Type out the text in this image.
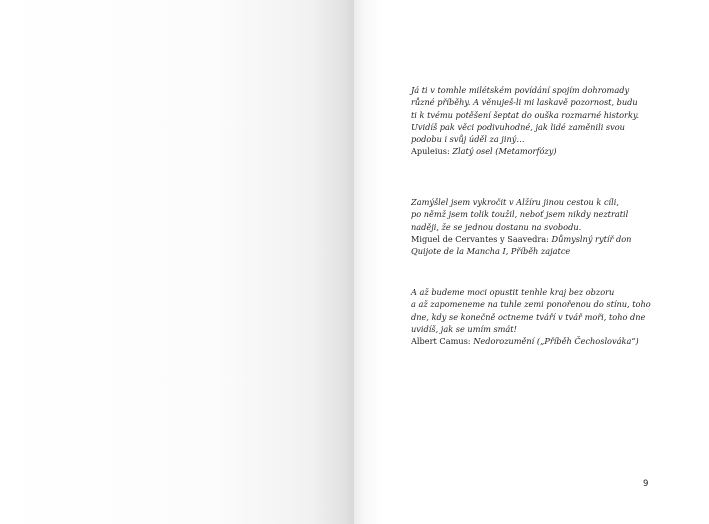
Já ti v tomhle milétském povídání spojím dohromady
různé příběhy. A věnuješ-li mi laskavě pozornost, budu
ti k tvému potěšení šeptat do ouška rozmarné historky.
Uvidíš pak věci podivuhodné, jak lidé zaměnili svou
podobu i svůj úděl za jiný…

Apuleius: Zlatý osel (Metamorfózy)

Zamýšlel jsem vykročit v Alžíru jinou cestou k cíli,
po němž jsem tolik toužil, neboť jsem nikdy neztratil
naději, že se jednou dostanu na svobodu.

Miguel de Cervantes y Saavedra: Důmyslný rytíř don

Quijote de la Mancha I, Příběh zajatce

A až budeme moci opustit tenhle kraj bez obzoru
a až zapomeneme na tuhle zemi ponořenou do stínu, toho
dne, kdy se konečně octneme tváří v tvář moři, toho dne
uvidíš, jak se umím smát!

Albert Camus: Nedorozumění („Příběh Čechoslováka“)

9
